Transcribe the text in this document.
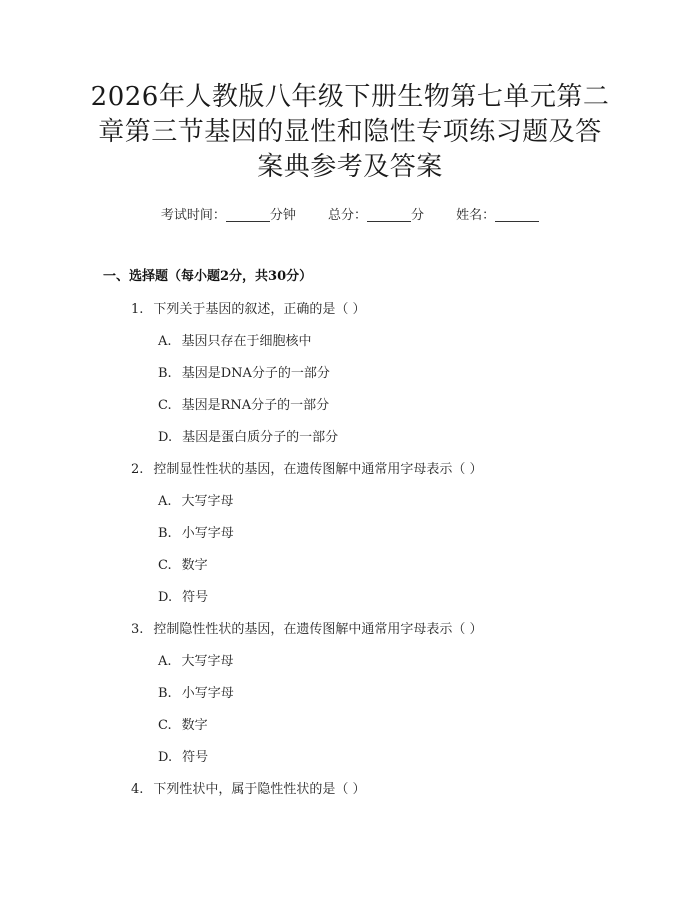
2026年人教版八年级下册生物第七单元第二
章第三节基因的显性和隐性专项练习题及答
案典参考及答案
考试时间：	分钟 总分：	分 姓名：
一、选择题（每小题2分，共30分）
1. 下列关于基因的叙述，正确的是（ ）
A. 基因只存在于细胞核中
B. 基因是DNA分子的一部分
C. 基因是RNA分子的一部分
D. 基因是蛋白质分子的一部分
2. 控制显性性状的基因，在遗传图解中通常用字母表示（ ）
A. 大写字母
B. 小写字母
C. 数字
D. 符号
3. 控制隐性性状的基因，在遗传图解中通常用字母表示（ ）
A. 大写字母
B. 小写字母
C. 数字
D. 符号
4. 下列性状中，属于隐性性状的是（ ）
